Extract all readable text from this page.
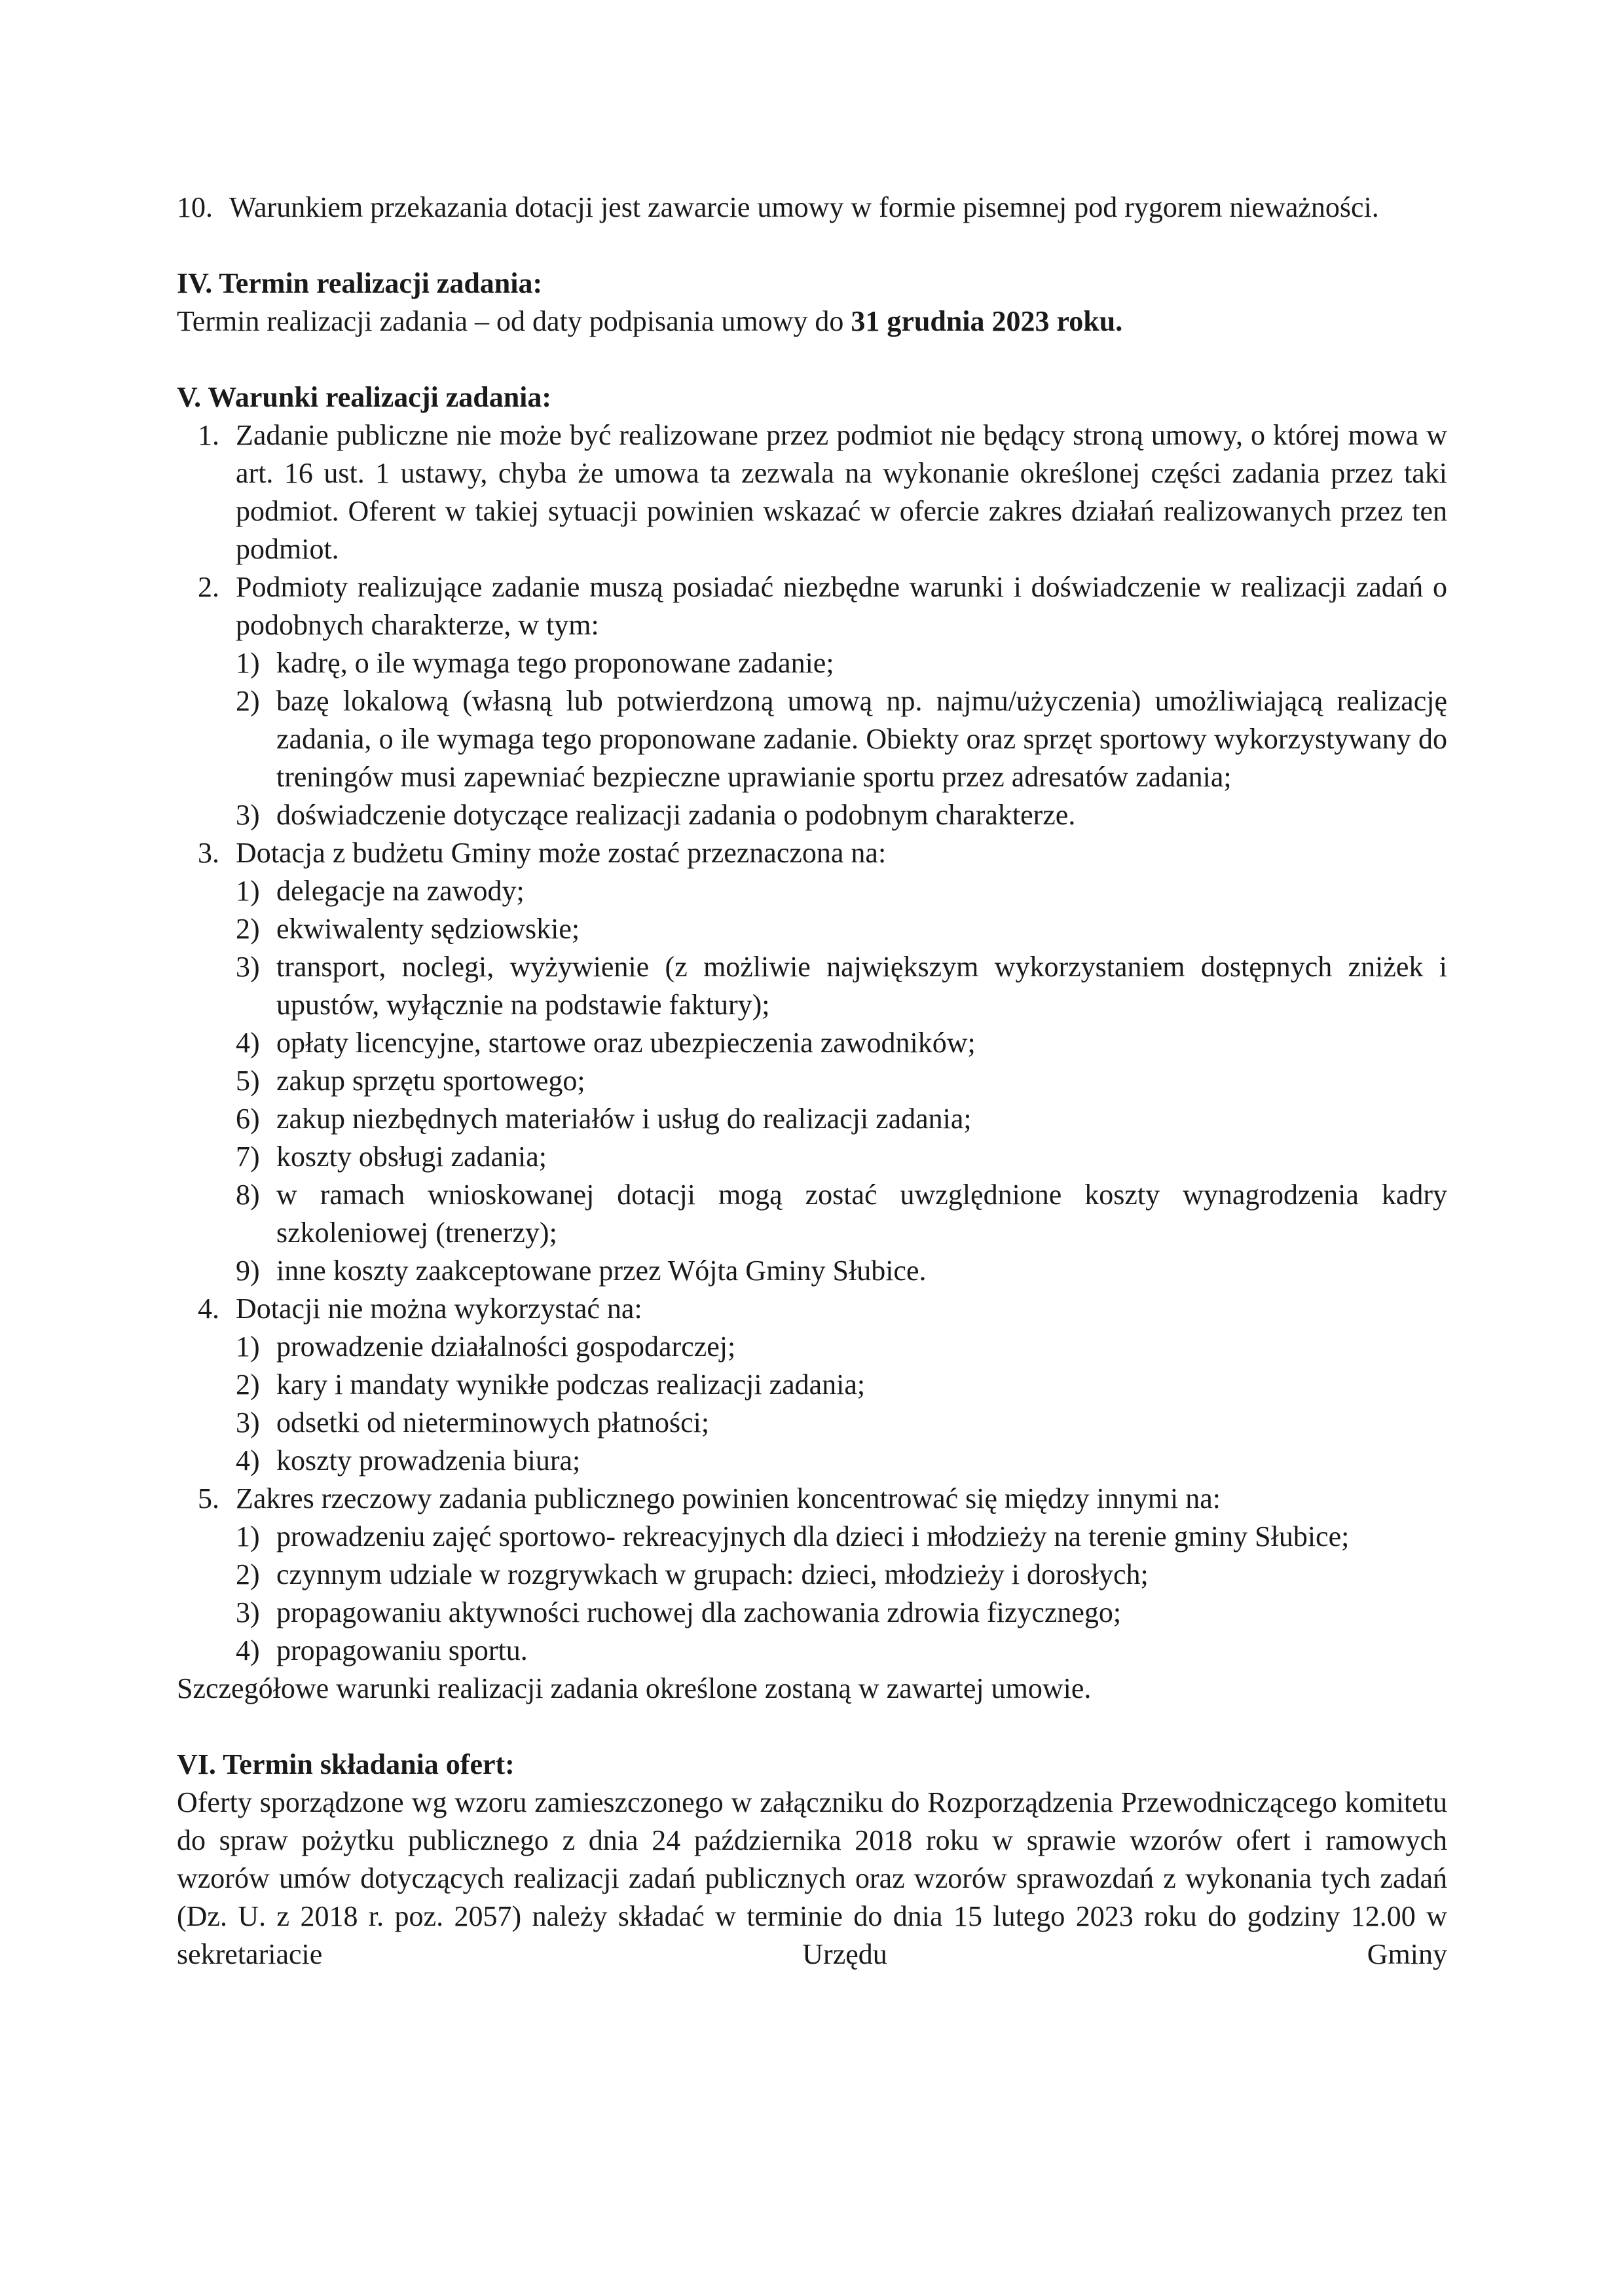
10. Warunkiem przekazania dotacji jest zawarcie umowy w formie pisemnej pod rygorem nieważności.
IV. Termin realizacji zadania:
Termin realizacji zadania – od daty podpisania umowy do 31 grudnia 2023 roku.
V. Warunki realizacji zadania:
1. Zadanie publiczne nie może być realizowane przez podmiot nie będący stroną umowy, o której mowa w art. 16 ust. 1 ustawy, chyba że umowa ta zezwala na wykonanie określonej części zadania przez taki podmiot. Oferent w takiej sytuacji powinien wskazać w ofercie zakres działań realizowanych przez ten podmiot.
2. Podmioty realizujące zadanie muszą posiadać niezbędne warunki i doświadczenie w realizacji zadań o podobnych charakterze, w tym:
1) kadrę, o ile wymaga tego proponowane zadanie;
2) bazę lokalową (własną lub potwierdzoną umową np. najmu/użyczenia) umożliwiającą realizację zadania, o ile wymaga tego proponowane zadanie. Obiekty oraz sprzęt sportowy wykorzystywany do treningów musi zapewniać bezpieczne uprawianie sportu przez adresatów zadania;
3) doświadczenie dotyczące realizacji zadania o podobnym charakterze.
3. Dotacja z budżetu Gminy może zostać przeznaczona na:
1) delegacje na zawody;
2) ekwiwalenty sędziowskie;
3) transport, noclegi, wyżywienie (z możliwie największym wykorzystaniem dostępnych zniżek i upustów, wyłącznie na podstawie faktury);
4) opłaty licencyjne, startowe oraz ubezpieczenia zawodników;
5) zakup sprzętu sportowego;
6) zakup niezbędnych materiałów i usług do realizacji zadania;
7) koszty obsługi zadania;
8) w ramach wnioskowanej dotacji mogą zostać uwzględnione koszty wynagrodzenia kadry szkoleniowej (trenerzy);
9) inne koszty zaakceptowane przez Wójta Gminy Słubice.
4. Dotacji nie można wykorzystać na:
1) prowadzenie działalności gospodarczej;
2) kary i mandaty wynikłe podczas realizacji zadania;
3) odsetki od nieterminowych płatności;
4) koszty prowadzenia biura;
5. Zakres rzeczowy zadania publicznego powinien koncentrować się między innymi na:
1) prowadzeniu zajęć sportowo- rekreacyjnych dla dzieci i młodzieży na terenie gminy Słubice;
2) czynnym udziale w rozgrywkach w grupach: dzieci, młodzieży i dorosłych;
3) propagowaniu aktywności ruchowej dla zachowania zdrowia fizycznego;
4) propagowaniu sportu.
Szczegółowe warunki realizacji zadania określone zostaną w zawartej umowie.
VI. Termin składania ofert:
Oferty sporządzone wg wzoru zamieszczonego w załączniku do Rozporządzenia Przewodniczącego komitetu do spraw pożytku publicznego z dnia 24 października 2018 roku w sprawie wzorów ofert i ramowych wzorów umów dotyczących realizacji zadań publicznych oraz wzorów sprawozdań z wykonania tych zadań (Dz. U. z 2018 r. poz. 2057) należy składać w terminie do dnia 15 lutego 2023 roku do godziny 12.00 w sekretariacie Urzędu Gminy
